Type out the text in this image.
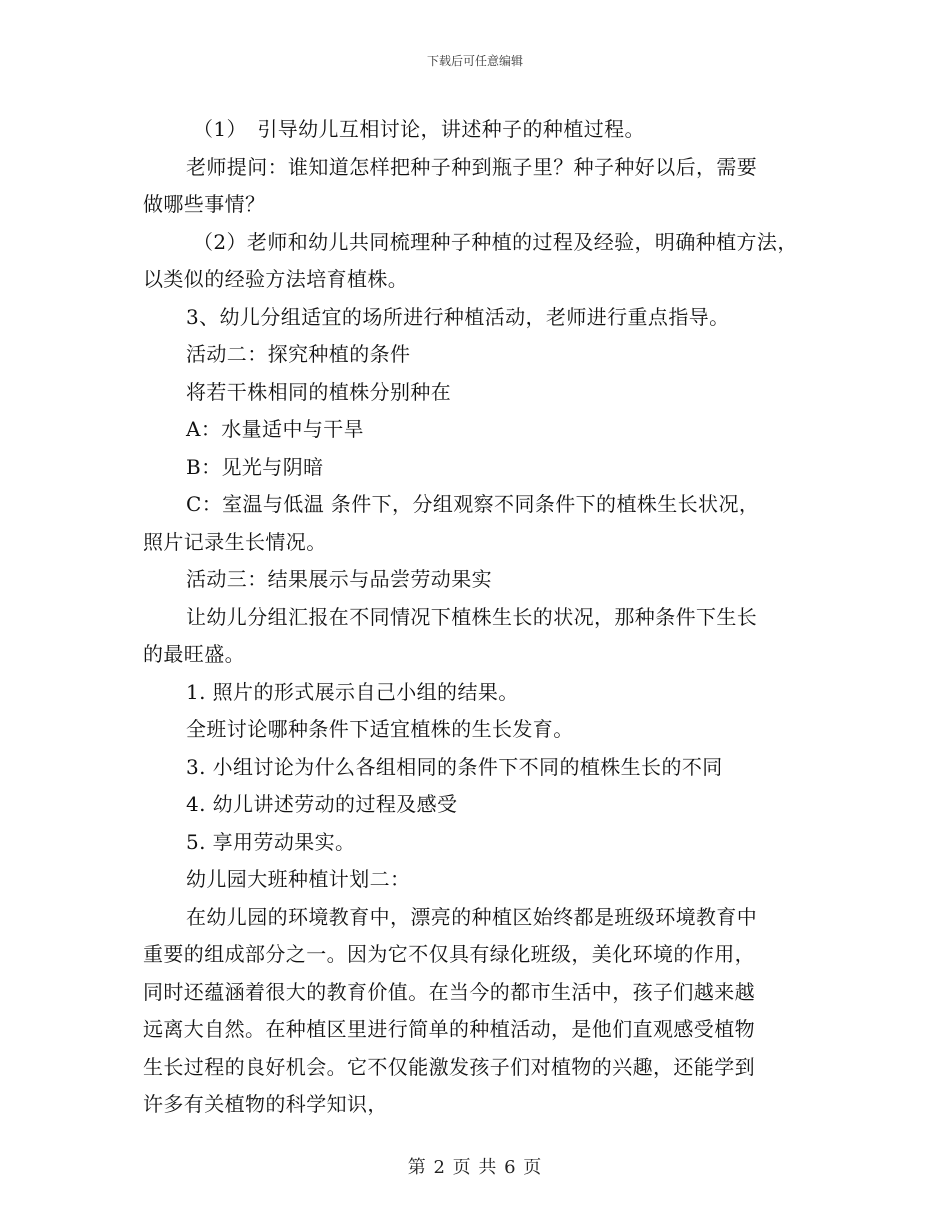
下载后可任意编辑
（1）　引导幼儿互相讨论，讲述种子的种植过程。
老师提问：谁知道怎样把种子种到瓶子里？种子种好以后，需要
做哪些事情？
（2）老师和幼儿共同梳理种子种植的过程及经验，明确种植方法，
以类似的经验方法培育植株。
3、幼儿分组适宜的场所进行种植活动，老师进行重点指导。
活动二：探究种植的条件
将若干株相同的植株分别种在
A：水量适中与干旱
B：见光与阴暗
C：室温与低温 条件下，分组观察不同条件下的植株生长状况，
照片记录生长情况。
活动三：结果展示与品尝劳动果实
让幼儿分组汇报在不同情况下植株生长的状况，那种条件下生长
的最旺盛。
1. 照片的形式展示自己小组的结果。
全班讨论哪种条件下适宜植株的生长发育。
3. 小组讨论为什么各组相同的条件下不同的植株生长的不同
4. 幼儿讲述劳动的过程及感受
5. 享用劳动果实。
幼儿园大班种植计划二：
在幼儿园的环境教育中，漂亮的种植区始终都是班级环境教育中
重要的组成部分之一。因为它不仅具有绿化班级，美化环境的作用，
同时还蕴涵着很大的教育价值。在当今的都市生活中，孩子们越来越
远离大自然。在种植区里进行简单的种植活动，是他们直观感受植物
生长过程的良好机会。它不仅能激发孩子们对植物的兴趣，还能学到
许多有关植物的科学知识，
第 2 页 共 6 页
